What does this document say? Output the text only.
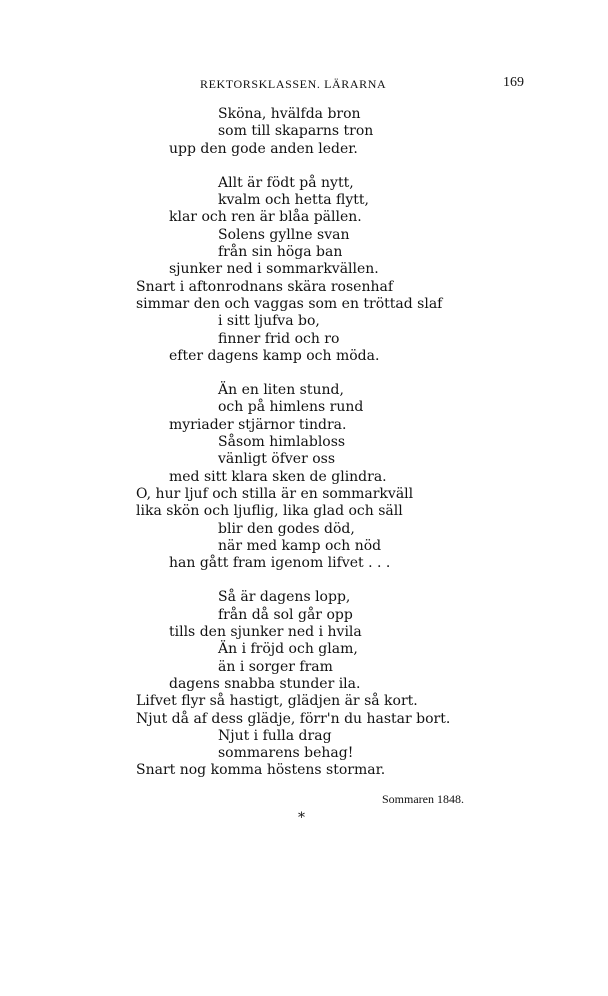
REKTORSKLASSEN. LÄRARNA	169
Sköna, hvälfda bron
som till skaparns tron
upp den gode anden leder.
Allt är födt på nytt,
kvalm och hetta flytt,
klar och ren är blåa pällen.
Solens gyllne svan
från sin höga ban
sjunker ned i sommarkvällen.
Snart i aftonrodnans skära rosenhaf
simmar den och vaggas som en tröttad slaf
i sitt ljufva bo,
finner frid och ro
efter dagens kamp och möda.
Än en liten stund,
och på himlens rund
myriader stjärnor tindra.
Såsom himlabloss
vänligt öfver oss
med sitt klara sken de glindra.
O, hur ljuf och stilla är en sommarkväll
lika skön och ljuflig, lika glad och säll
blir den godes död,
när med kamp och nöd
han gått fram igenom lifvet . . .
Så är dagens lopp,
från då sol går opp
tills den sjunker ned i hvila
Än i fröjd och glam,
än i sorger fram
dagens snabba stunder ila.
Lifvet flyr så hastigt, glädjen är så kort.
Njut då af dess glädje, förr'n du hastar bort.
Njut i fulla drag
sommarens behag!
Snart nog komma höstens stormar.
Sommaren 1848.
*
